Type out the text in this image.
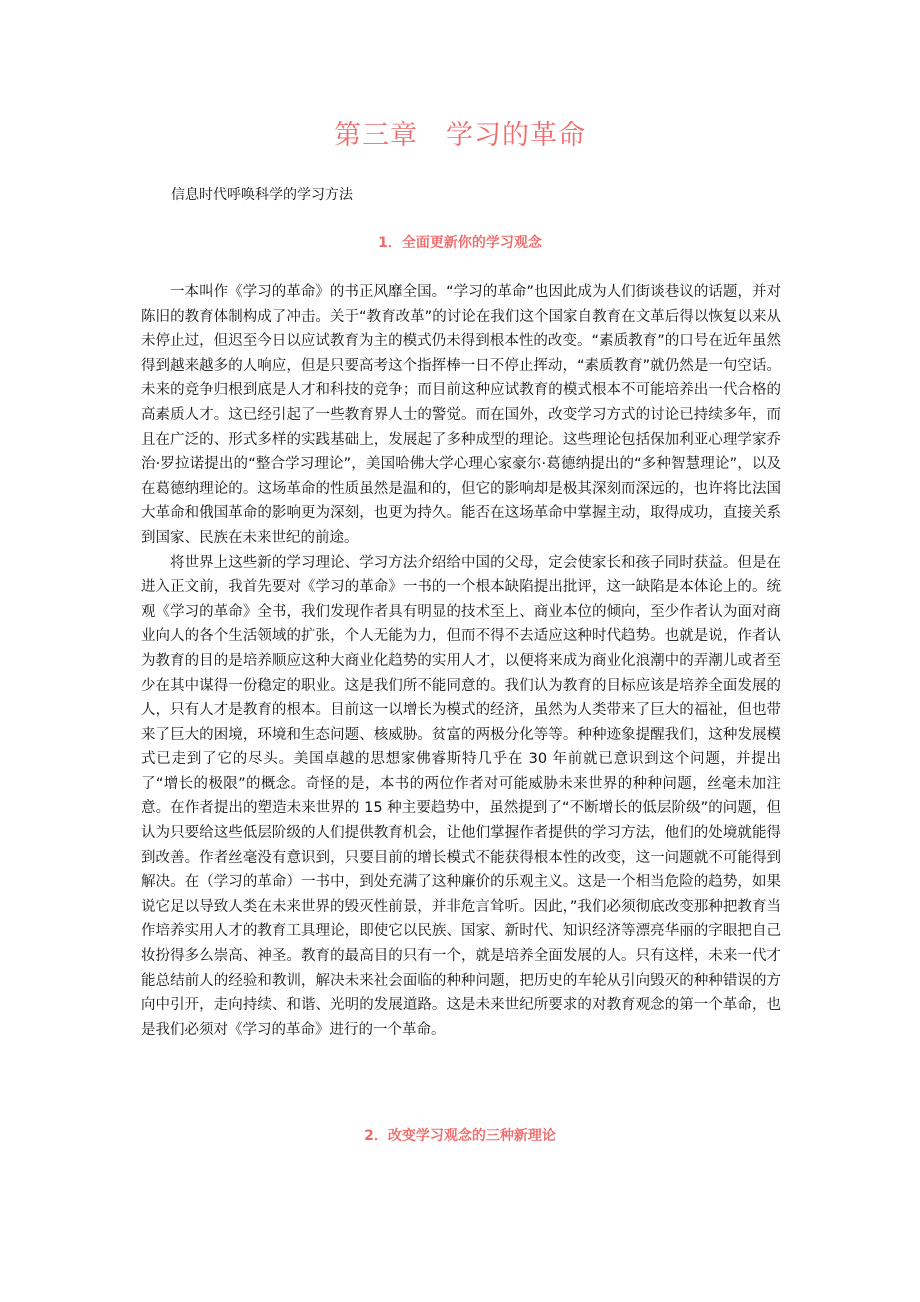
第三章　学习的革命
信息时代呼唤科学的学习方法
1．全面更新你的学习观念

一本叫作《学习的革命》的书正风靡全国。“学习的革命”也因此成为人们街谈巷议的话题，并对陈旧的教育体制构成了冲击。关于“教育改革”的讨论在我们这个国家自教育在文革后得以恢复以来从未停止过，但迟至今日以应试教育为主的模式仍未得到根本性的改变。“素质教育”的口号在近年虽然得到越来越多的人响应，但是只要高考这个指挥棒一日不停止挥动，“素质教育”就仍然是一句空话。未来的竞争归根到底是人才和科技的竞争；而目前这种应试教育的模式根本不可能培养出一代合格的高素质人才。这已经引起了一些教育界人士的警觉。而在国外，改变学习方式的讨论已持续多年，而且在广泛的、形式多样的实践基础上，发展起了多种成型的理论。这些理论包括保加利亚心理学家乔治·罗拉诺提出的“整合学习理论”，美国哈佛大学心理心家豪尔·葛德纳提出的“多种智慧理论”，以及在葛德纳理论的。这场革命的性质虽然是温和的，但它的影响却是极其深刻而深远的，也许将比法国大革命和俄国革命的影响更为深刻，也更为持久。能否在这场革命中掌握主动，取得成功，直接关系到国家、民族在未来世纪的前途。

将世界上这些新的学习理论、学习方法介绍给中国的父母，定会使家长和孩子同时获益。但是在进入正文前，我首先要对《学习的革命》一书的一个根本缺陷提出批评，这一缺陷是本体论上的。统观《学习的革命》全书，我们发现作者具有明显的技术至上、商业本位的倾向，至少作者认为面对商业向人的各个生活领域的扩张，个人无能为力，但而不得不去适应这种时代趋势。也就是说，作者认为教育的目的是培养顺应这种大商业化趋势的实用人才，以便将来成为商业化浪潮中的弄潮儿或者至少在其中谋得一份稳定的职业。这是我们所不能同意的。我们认为教育的目标应该是培养全面发展的人，只有人才是教育的根本。目前这一以增长为模式的经济，虽然为人类带来了巨大的福祉，但也带来了巨大的困境，环境和生态问题、核威胁。贫富的两极分化等等。种种迹象提醒我们，这种发展模式已走到了它的尽头。美国卓越的思想家佛睿斯特几乎在 30 年前就已意识到这个问题，并提出了“增长的极限”的概念。奇怪的是，本书的两位作者对可能威胁未来世界的种种问题，丝毫未加注意。在作者提出的塑造未来世界的 15 种主要趋势中，虽然提到了“不断增长的低层阶级”的问题，但认为只要给这些低层阶级的人们提供教育机会，让他们掌握作者提供的学习方法，他们的处境就能得到改善。作者丝毫没有意识到，只要目前的增长模式不能获得根本性的改变，这一问题就不可能得到解决。在（学习的革命）一书中，到处充满了这种廉价的乐观主义。这是一个相当危险的趋势，如果说它足以导致人类在未来世界的毁灭性前景，并非危言耸听。因此，”我们必须彻底改变那种把教育当作培养实用人才的教育工具理论，即使它以民族、国家、新时代、知识经济等漂亮华丽的字眼把自己妆扮得多么崇高、神圣。教育的最高目的只有一个，就是培养全面发展的人。只有这样，未来一代才能总结前人的经验和教训，解决未来社会面临的种种问题，把历史的车轮从引向毁灭的种种错误的方向中引开，走向持续、和谐、光明的发展道路。这是未来世纪所要求的对教育观念的第一个革命，也是我们必须对《学习的革命》进行的一个革命。

2．改变学习观念的三种新理论
